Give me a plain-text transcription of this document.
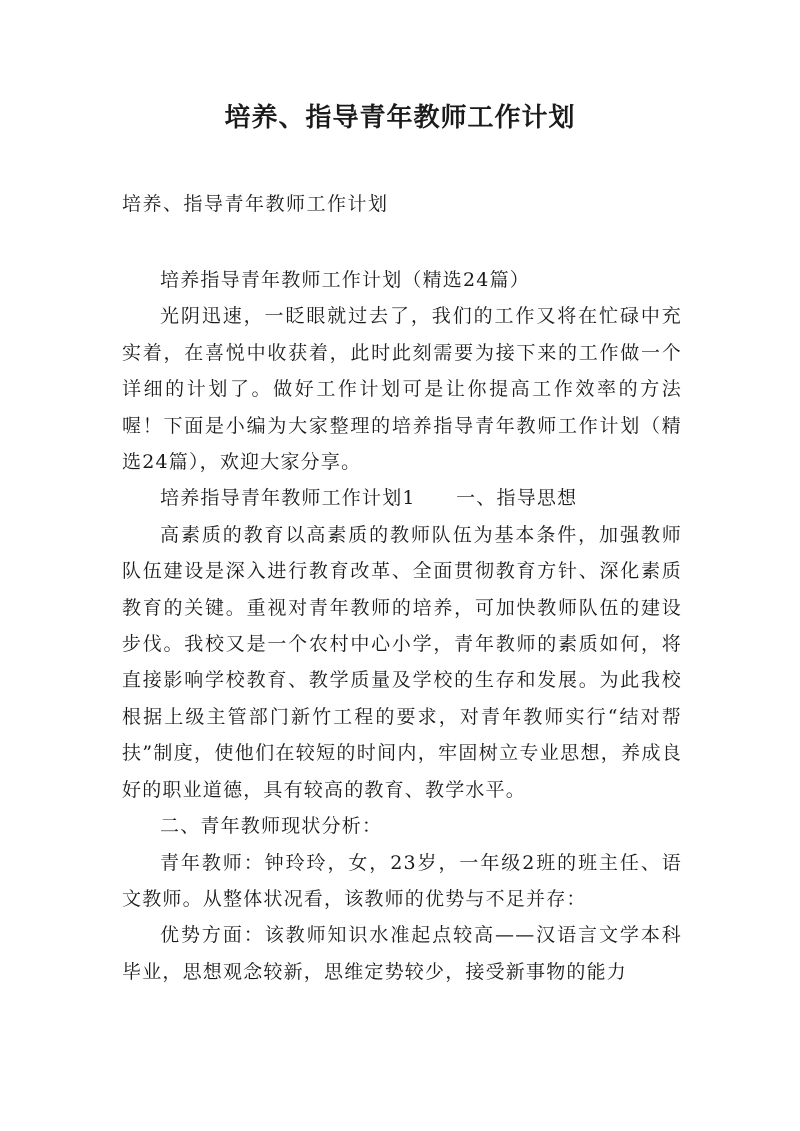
培养、指导青年教师工作计划
培养、指导青年教师工作计划

培养指导青年教师工作计划（精选24篇）

光阴迅速，一眨眼就过去了，我们的工作又将在忙碌中充实着，在喜悦中收获着，此时此刻需要为接下来的工作做一个详细的计划了。做好工作计划可是让你提高工作效率的方法喔！下面是小编为大家整理的培养指导青年教师工作计划（精选24篇），欢迎大家分享。

培养指导青年教师工作计划1　　一、指导思想

高素质的教育以高素质的教师队伍为基本条件，加强教师队伍建设是深入进行教育改革、全面贯彻教育方针、深化素质教育的关键。重视对青年教师的培养，可加快教师队伍的建设步伐。我校又是一个农村中心小学，青年教师的素质如何，将直接影响学校教育、教学质量及学校的生存和发展。为此我校根据上级主管部门新竹工程的要求，对青年教师实行“结对帮扶”制度，使他们在较短的时间内，牢固树立专业思想，养成良好的职业道德，具有较高的教育、教学水平。

二、青年教师现状分析：

青年教师：钟玲玲，女，23岁，一年级2班的班主任、语文教师。从整体状况看，该教师的优势与不足并存：

优势方面：该教师知识水准起点较高——汉语言文学本科毕业，思想观念较新，思维定势较少，接受新事物的能力
